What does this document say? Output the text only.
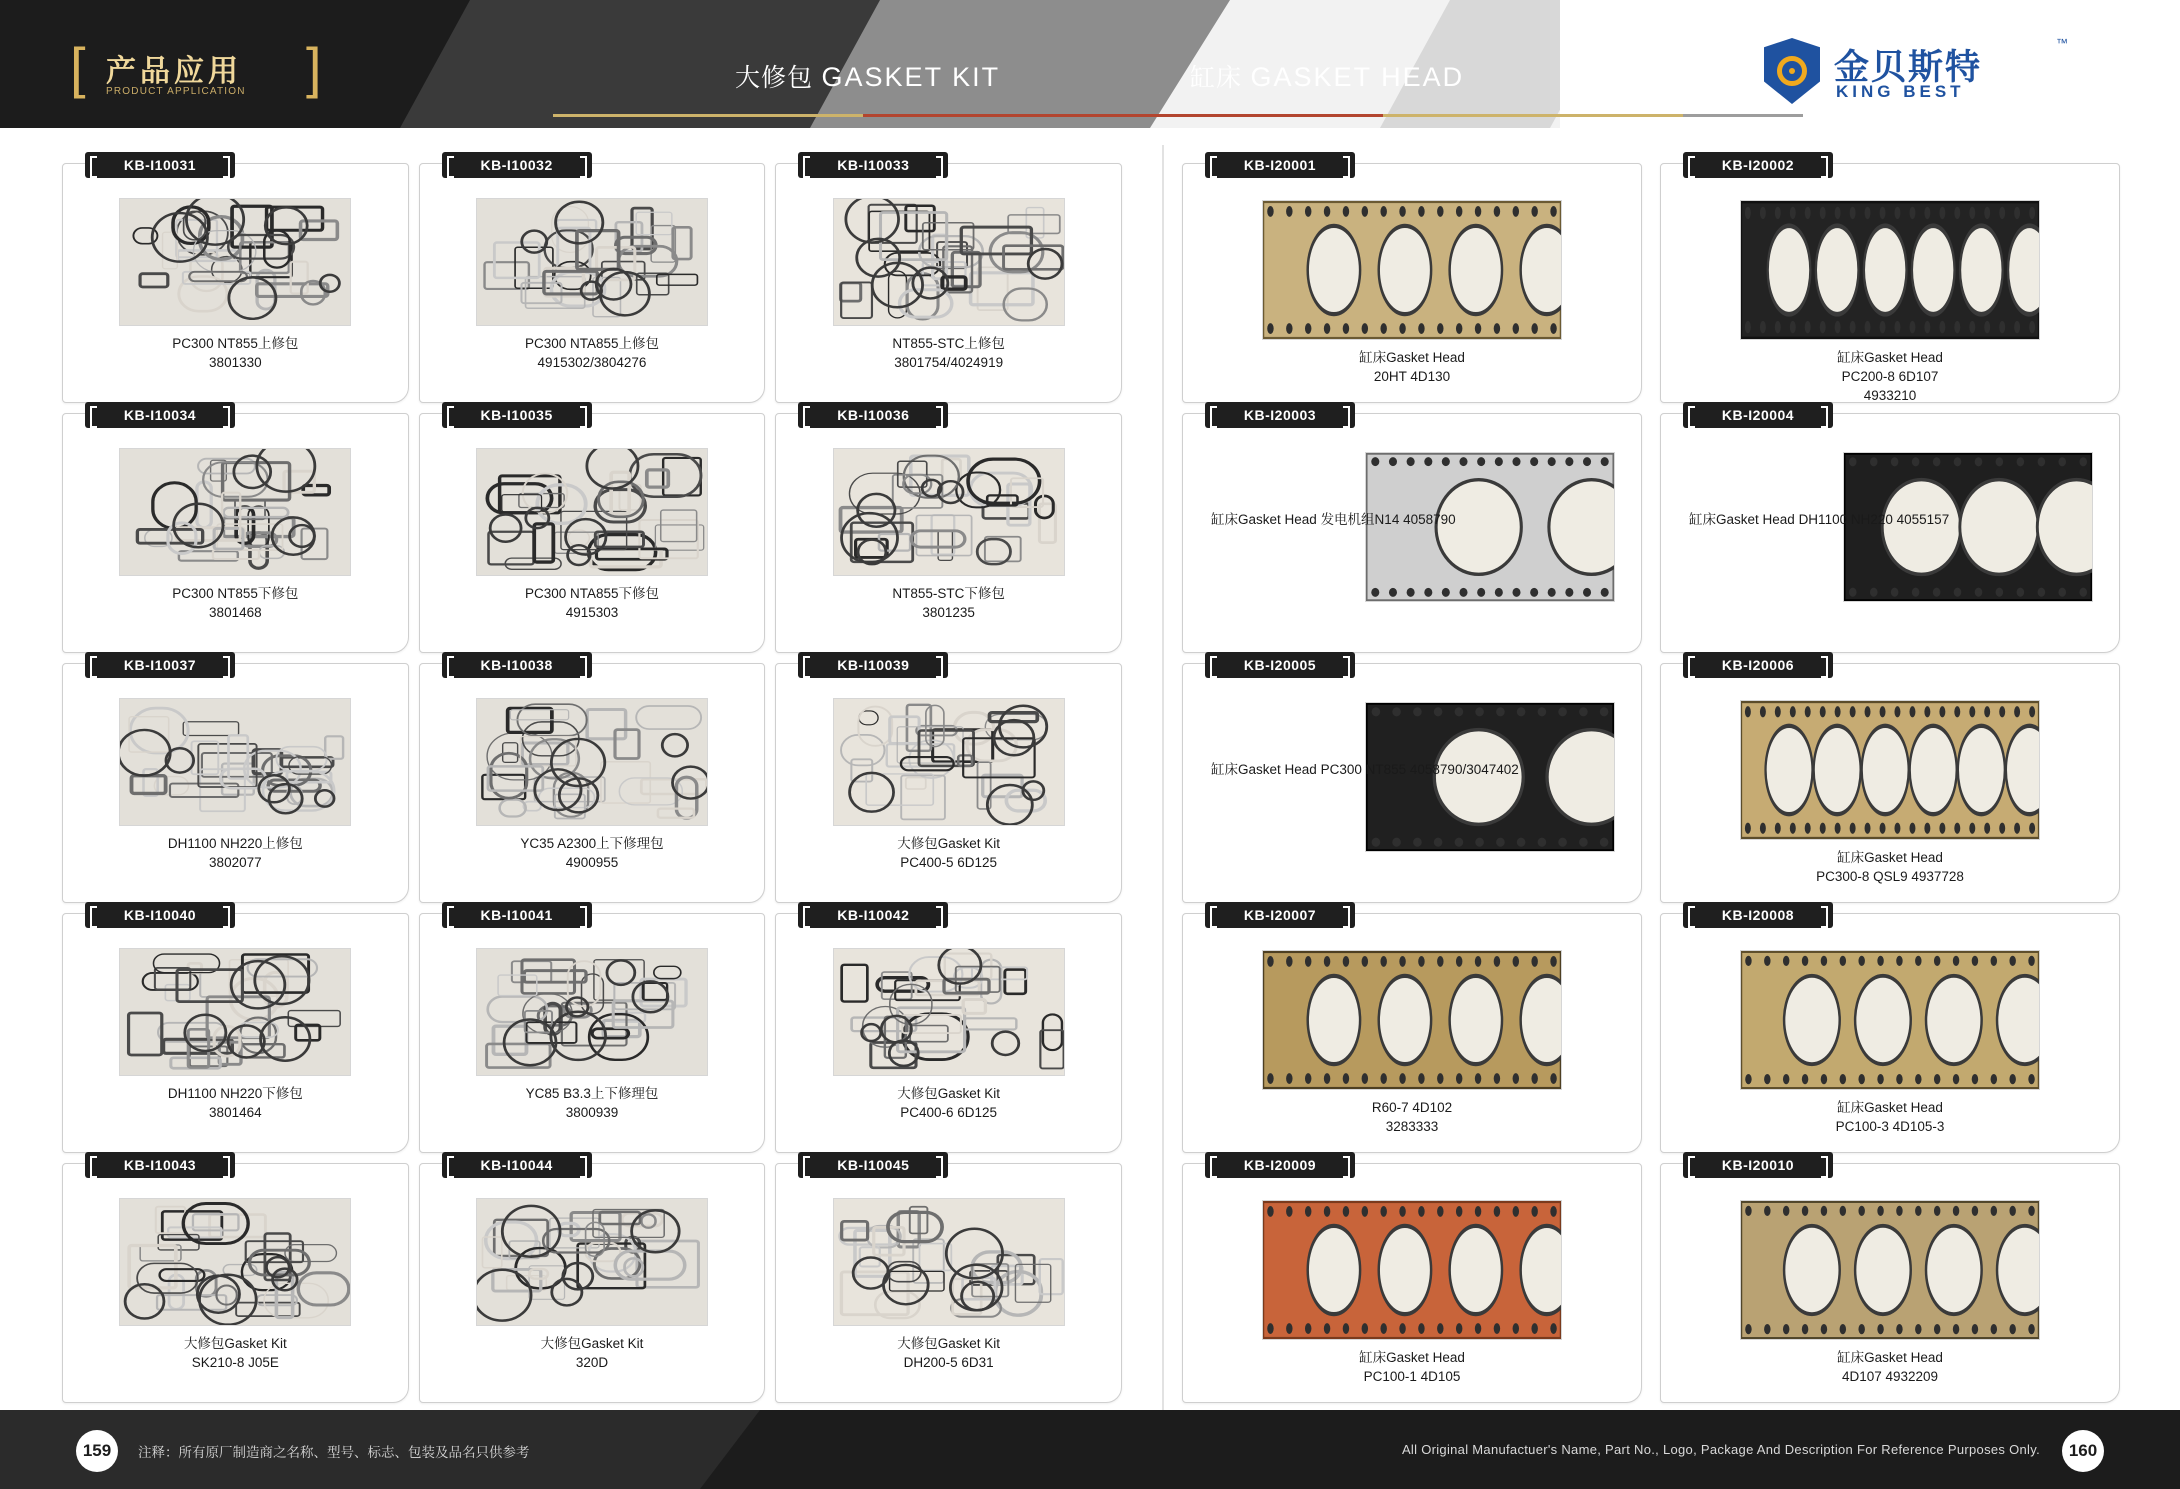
[	]
产品应用
PRODUCT APPLICATION	大修包 GASKET KIT	缸床 GASKET HEAD	金贝斯特
KING BEST
™
KB-I10031
PC300 NT855上修包
3801330
KB-I10032
PC300 NTA855上修包
4915302/3804276
KB-I10033
NT855-STC上修包
3801754/4024919
KB-I10034
PC300 NT855下修包
3801468
KB-I10035
PC300 NTA855下修包
4915303
KB-I10036
NT855-STC下修包
3801235
KB-I10037
DH1100 NH220上修包
3802077
KB-I10038
YC35 A2300上下修理包
4900955
KB-I10039
大修包Gasket Kit
PC400-5 6D125
KB-I10040
DH1100 NH220下修包
3801464
KB-I10041
YC85 B3.3上下修理包
3800939
KB-I10042
大修包Gasket Kit
PC400-6 6D125
KB-I10043
大修包Gasket Kit
SK210-8 J05E
KB-I10044
大修包Gasket Kit
320D
KB-I10045
大修包Gasket Kit
DH200-5 6D31
KB-I20001
缸床Gasket Head
20HT 4D130
KB-I20002
缸床Gasket Head
PC200-8 6D107
4933210
KB-I20003
缸床Gasket Head 发电机组N14 4058790
KB-I20004
缸床Gasket Head DH1100 NH220 4055157
KB-I20005
缸床Gasket Head PC300 NT855 4058790/3047402
KB-I20006
缸床Gasket Head
PC300-8 QSL9 4937728
KB-I20007
R60-7 4D102
3283333
KB-I20008
缸床Gasket Head
PC100-3 4D105-3
KB-I20009
缸床Gasket Head
PC100-1 4D105
KB-I20010
缸床Gasket Head
4D107 4932209
159	注释：所有原厂制造商之名称、型号、标志、包装及品名只供参考	All Original Manufactuer's Name, Part No., Logo, Package And Description For Reference Purposes Only.	160
